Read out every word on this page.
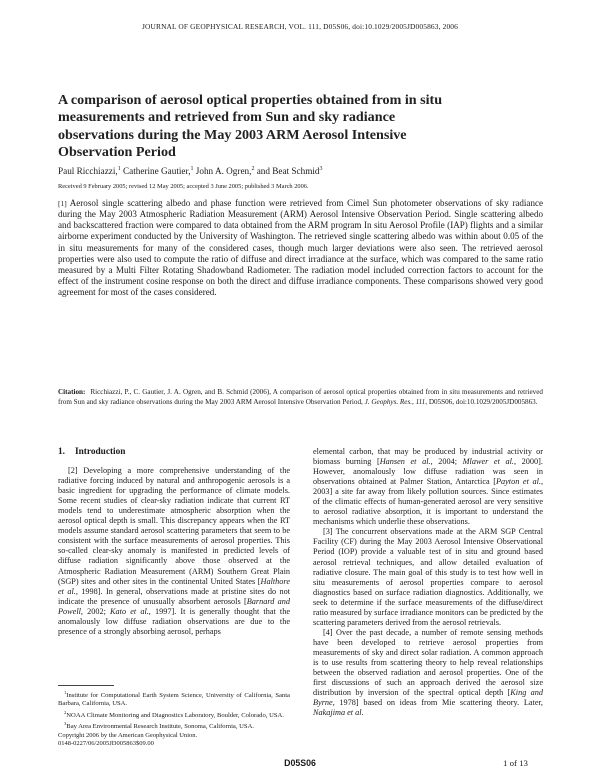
JOURNAL OF GEOPHYSICAL RESEARCH, VOL. 111, D05S06, doi:10.1029/2005JD005863, 2006
A comparison of aerosol optical properties obtained from in situ measurements and retrieved from Sun and sky radiance observations during the May 2003 ARM Aerosol Intensive Observation Period
Paul Ricchiazzi,$^1$ Catherine Gautier,$^1$ John A. Ogren,$^2$ and Beat Schmid$^3$
Received 9 February 2005; revised 12 May 2005; accepted 3 June 2005; published 3 March 2006.
[1] Aerosol single scattering albedo and phase function were retrieved from Cimel Sun photometer observations of sky radiance during the May 2003 Atmospheric Radiation Measurement (ARM) Aerosol Intensive Observation Period. Single scattering albedo and backscattered fraction were compared to data obtained from the ARM program In situ Aerosol Profile (IAP) flights and a similar airborne experiment conducted by the University of Washington. The retrieved single scattering albedo was within about 0.05 of the in situ measurements for many of the considered cases, though much larger deviations were also seen. The retrieved aerosol properties were also used to compute the ratio of diffuse and direct irradiance at the surface, which was compared to the same ratio measured by a Multi Filter Rotating Shadowband Radiometer. The radiation model included correction factors to account for the effect of the instrument cosine response on both the direct and diffuse irradiance components. These comparisons showed very good agreement for most of the cases considered.
Citation: Ricchiazzi, P., C. Gautier, J. A. Ogren, and B. Schmid (2006), A comparison of aerosol optical properties obtained from in situ measurements and retrieved from Sun and sky radiance observations during the May 2003 ARM Aerosol Intensive Observation Period, J. Geophys. Res., 111, D05S06, doi:10.1029/2005JD005863.
1. Introduction

[2] Developing a more comprehensive understanding of the radiative forcing induced by natural and anthropogenic aerosols is a basic ingredient for upgrading the performance of climate models. Some recent studies of clear-sky radiation indicate that current RT models tend to underestimate atmospheric absorption when the aerosol optical depth is small. This discrepancy appears when the RT models assume standard aerosol scattering parameters that seem to be consistent with the surface measurements of aerosol properties. This so-called clear-sky anomaly is manifested in predicted levels of diffuse radiation significantly above those observed at the Atmospheric Radiation Measurement (ARM) Southern Great Plain (SGP) sites and other sites in the continental United States [Halthore et al., 1998]. In general, observations made at pristine sites do not indicate the presence of unusually absorbent aerosols [Barnard and Powell, 2002; Kato et al., 1997]. It is generally thought that the anomalously low diffuse radiation observations are due to the presence of a strongly absorbing aerosol, perhaps

$^1$Institute for Computational Earth System Science, University of California, Santa Barbara, California, USA.
$^2$NOAA Climate Monitoring and Diagnostics Laboratory, Boulder, Colorado, USA.
$^3$Bay Area Environmental Research Institute, Sonoma, California, USA.
Copyright 2006 by the American Geophysical Union.
0148-0227/06/2005JD005863$09.00

elemental carbon, that may be produced by industrial activity or biomass burning [Hansen et al., 2004; Mlawer et al., 2000]. However, anomalously low diffuse radiation was seen in observations obtained at Palmer Station, Antarctica [Payton et al., 2003] a site far away from likely pollution sources. Since estimates of the climatic effects of human-generated aerosol are very sensitive to aerosol radiative absorption, it is important to understand the mechanisms which underlie these observations.

[3] The concurrent observations made at the ARM SGP Central Facility (CF) during the May 2003 Aerosol Intensive Observational Period (IOP) provide a valuable test of in situ and ground based aerosol retrieval techniques, and allow detailed evaluation of radiative closure. The main goal of this study is to test how well in situ measurements of aerosol properties compare to aerosol diagnostics based on surface radiation diagnostics. Additionally, we seek to determine if the surface measurements of the diffuse/direct ratio measured by surface irradiance monitors can be predicted by the scattering parameters derived from the aerosol retrievals.

[4] Over the past decade, a number of remote sensing methods have been developed to retrieve aerosol properties from measurements of sky and direct solar radiation. A common approach is to use results from scattering theory to help reveal relationships between the observed radiation and aerosol properties. One of the first discussions of such an approach derived the aerosol size distribution by inversion of the spectral optical depth [King and Byrne, 1978] based on ideas from Mie scattering theory. Later, Nakajima et al.

D05S06	1 of 13
